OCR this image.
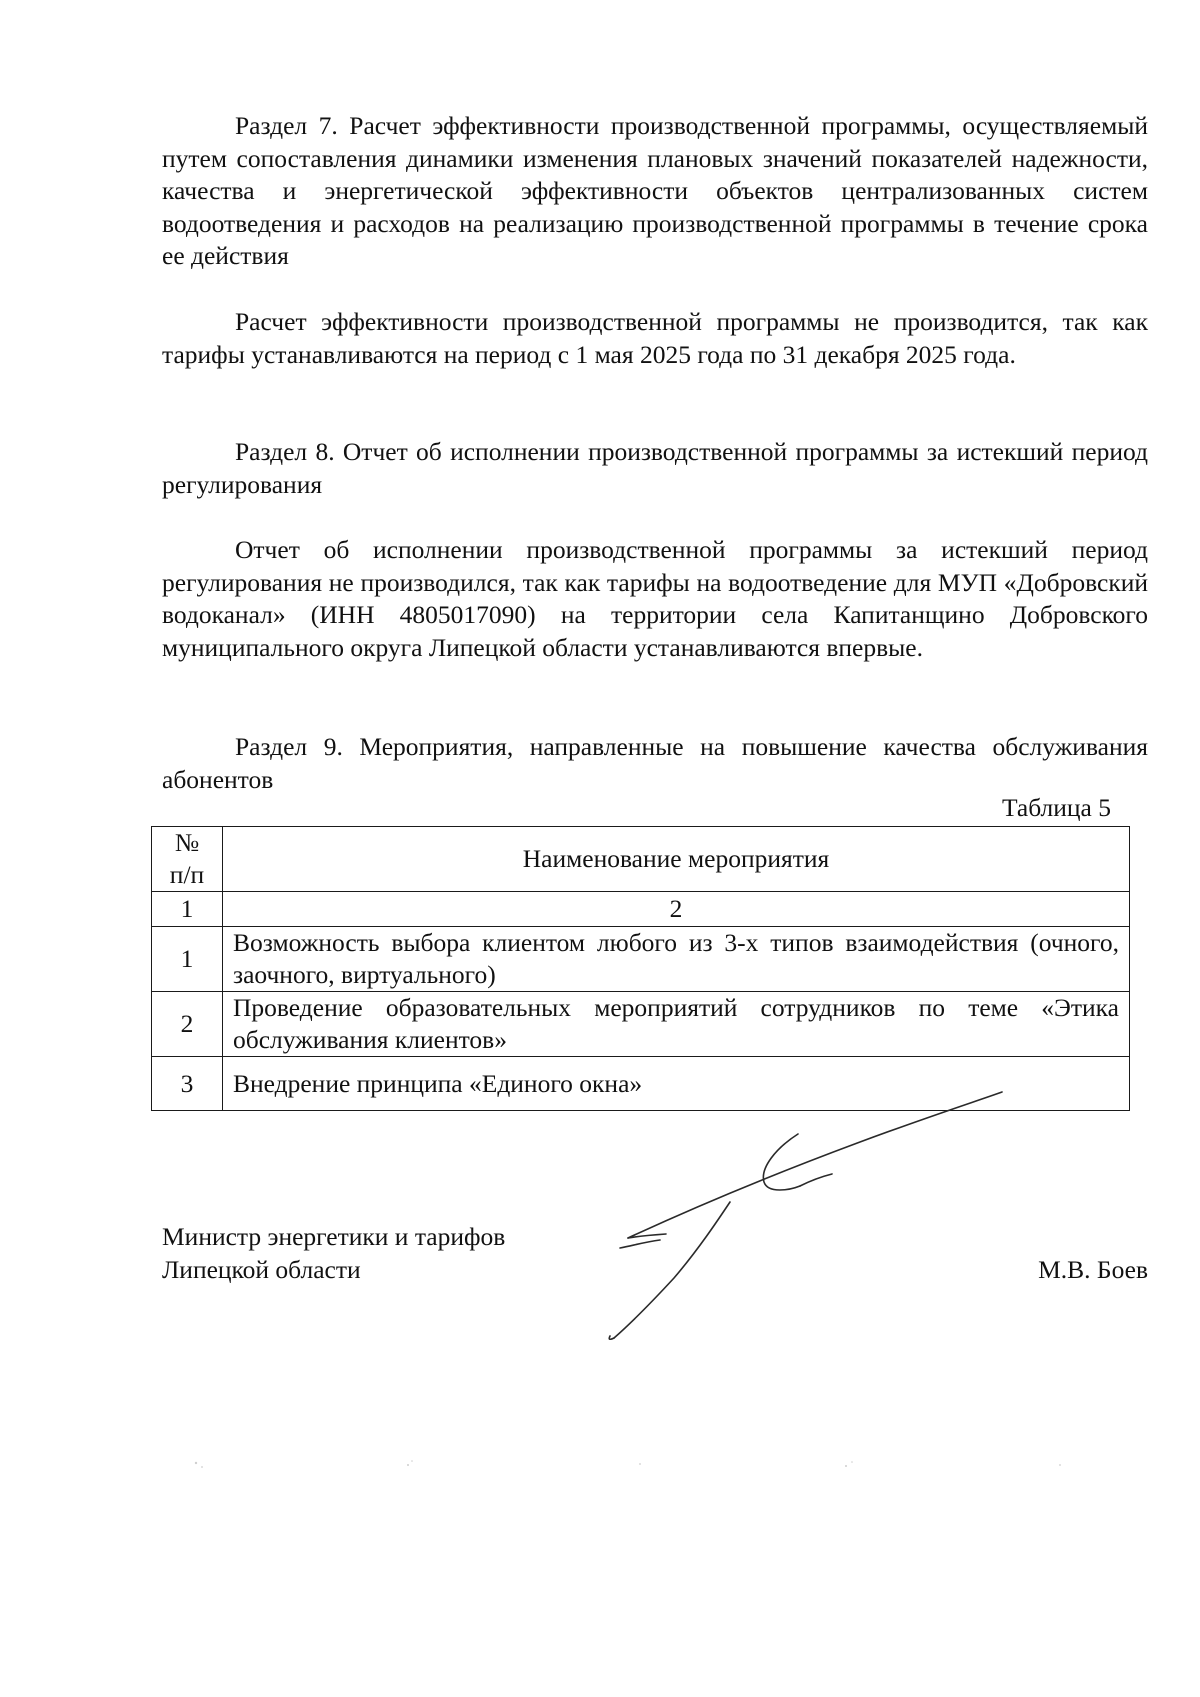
Раздел 7. Расчет эффективности производственной программы, осуществляемый путем сопоставления динамики изменения плановых значений показателей надежности, качества и энергетической эффективности объектов централизованных систем водоотведения и расходов на реализацию производственной программы в течение срока ее действия

Расчет эффективности производственной программы не производится, так как тарифы устанавливаются на период с 1 мая 2025 года по 31 декабря 2025 года.

Раздел 8. Отчет об исполнении производственной программы за истекший период регулирования

Отчет об исполнении производственной программы за истекший период регулирования не производился, так как тарифы на водоотведение для МУП «Добровский водоканал» (ИНН 4805017090) на территории села Капитанщино Добровского муниципального округа Липецкой области устанавливаются впервые.

Раздел 9. Мероприятия, направленные на повышение качества обслуживания абонентов

Таблица 5
№
п/п	Наименование мероприятия
1	2
1	Возможность выбора клиентом любого из 3-х типов взаимодействия (очного, заочного, виртуального)
2	Проведение образовательных мероприятий сотрудников по теме «Этика обслуживания клиентов»
3	Внедрение принципа «Единого окна»
Министр энергетики и тарифов
Липецкой области	М.В. Боев
